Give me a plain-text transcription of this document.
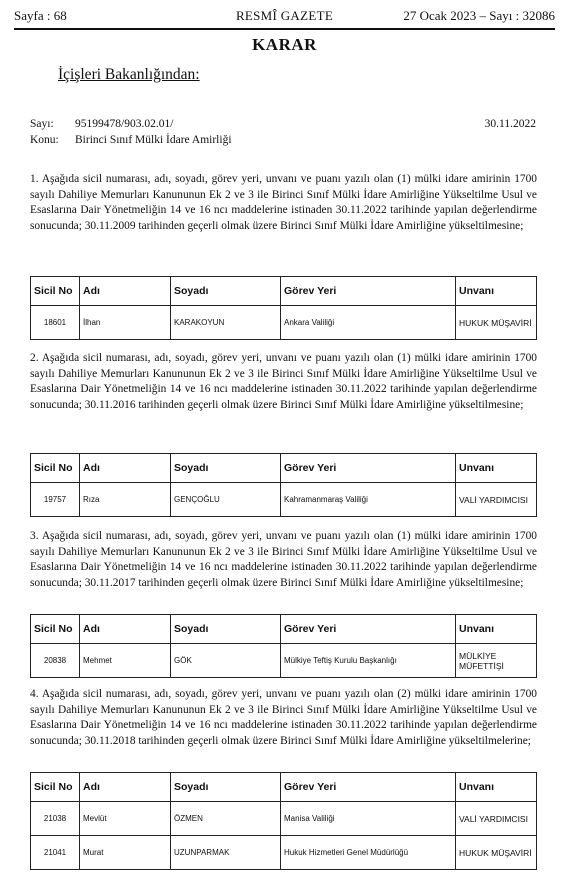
Sayfa : 68	RESMÎ GAZETE	27 Ocak 2023 – Sayı : 32086
KARAR
İçişleri Bakanlığından:
Sayı: 95199478/903.02.01/	30.11.2022
Konu: Birinci Sınıf Mülki İdare Amirliği
1. Aşağıda sicil numarası, adı, soyadı, görev yeri, unvanı ve puanı yazılı olan (1) mülki idare amirinin 1700 sayılı Dahiliye Memurları Kanununun Ek 2 ve 3 ile Birinci Sınıf Mülki İdare Amirliğine Yükseltilme Usul ve Esaslarına Dair Yönetmeliğin 14 ve 16 ncı maddelerine istinaden 30.11.2022 tarihinde yapılan değerlendirme sonucunda; 30.11.2009 tarihinden geçerli olmak üzere Birinci Sınıf Mülki İdare Amirliğine yükseltilmesine;
Sicil No	Adı	Soyadı	Görev Yeri	Unvanı
18601	İlhan	KARAKOYUN	Ankara Valiliği	HUKUK MÜŞAVİRİ
2. Aşağıda sicil numarası, adı, soyadı, görev yeri, unvanı ve puanı yazılı olan (1) mülki idare amirinin 1700 sayılı Dahiliye Memurları Kanununun Ek 2 ve 3 ile Birinci Sınıf Mülki İdare Amirliğine Yükseltilme Usul ve Esaslarına Dair Yönetmeliğin 14 ve 16 ncı maddelerine istinaden 30.11.2022 tarihinde yapılan değerlendirme sonucunda; 30.11.2016 tarihinden geçerli olmak üzere Birinci Sınıf Mülki İdare Amirliğine yükseltilmesine;
Sicil No	Adı	Soyadı	Görev Yeri	Unvanı
19757	Rıza	GENÇOĞLU	Kahramanmaraş Valiliği	VALİ YARDIMCISI
3. Aşağıda sicil numarası, adı, soyadı, görev yeri, unvanı ve puanı yazılı olan (1) mülki idare amirinin 1700 sayılı Dahiliye Memurları Kanununun Ek 2 ve 3 ile Birinci Sınıf Mülki İdare Amirliğine Yükseltilme Usul ve Esaslarına Dair Yönetmeliğin 14 ve 16 ncı maddelerine istinaden 30.11.2022 tarihinde yapılan değerlendirme sonucunda; 30.11.2017 tarihinden geçerli olmak üzere Birinci Sınıf Mülki İdare Amirliğine yükseltilmesine;
Sicil No	Adı	Soyadı	Görev Yeri	Unvanı
20838	Mehmet	GÖK	Mülkiye Teftiş Kurulu Başkanlığı	MÜLKİYE MÜFETTİŞİ
4. Aşağıda sicil numarası, adı, soyadı, görev yeri, unvanı ve puanı yazılı olan (2) mülki idare amirinin 1700 sayılı Dahiliye Memurları Kanununun Ek 2 ve 3 ile Birinci Sınıf Mülki İdare Amirliğine Yükseltilme Usul ve Esaslarına Dair Yönetmeliğin 14 ve 16 ncı maddelerine istinaden 30.11.2022 tarihinde yapılan değerlendirme sonucunda; 30.11.2018 tarihinden geçerli olmak üzere Birinci Sınıf Mülki İdare Amirliğine yükseltilmelerine;
Sicil No	Adı	Soyadı	Görev Yeri	Unvanı
21038	Mevlüt	ÖZMEN	Manisa Valiliği	VALİ YARDIMCISI
21041	Murat	UZUNPARMAK	Hukuk Hizmetleri Genel Müdürlüğü	HUKUK MÜŞAVİRİ
